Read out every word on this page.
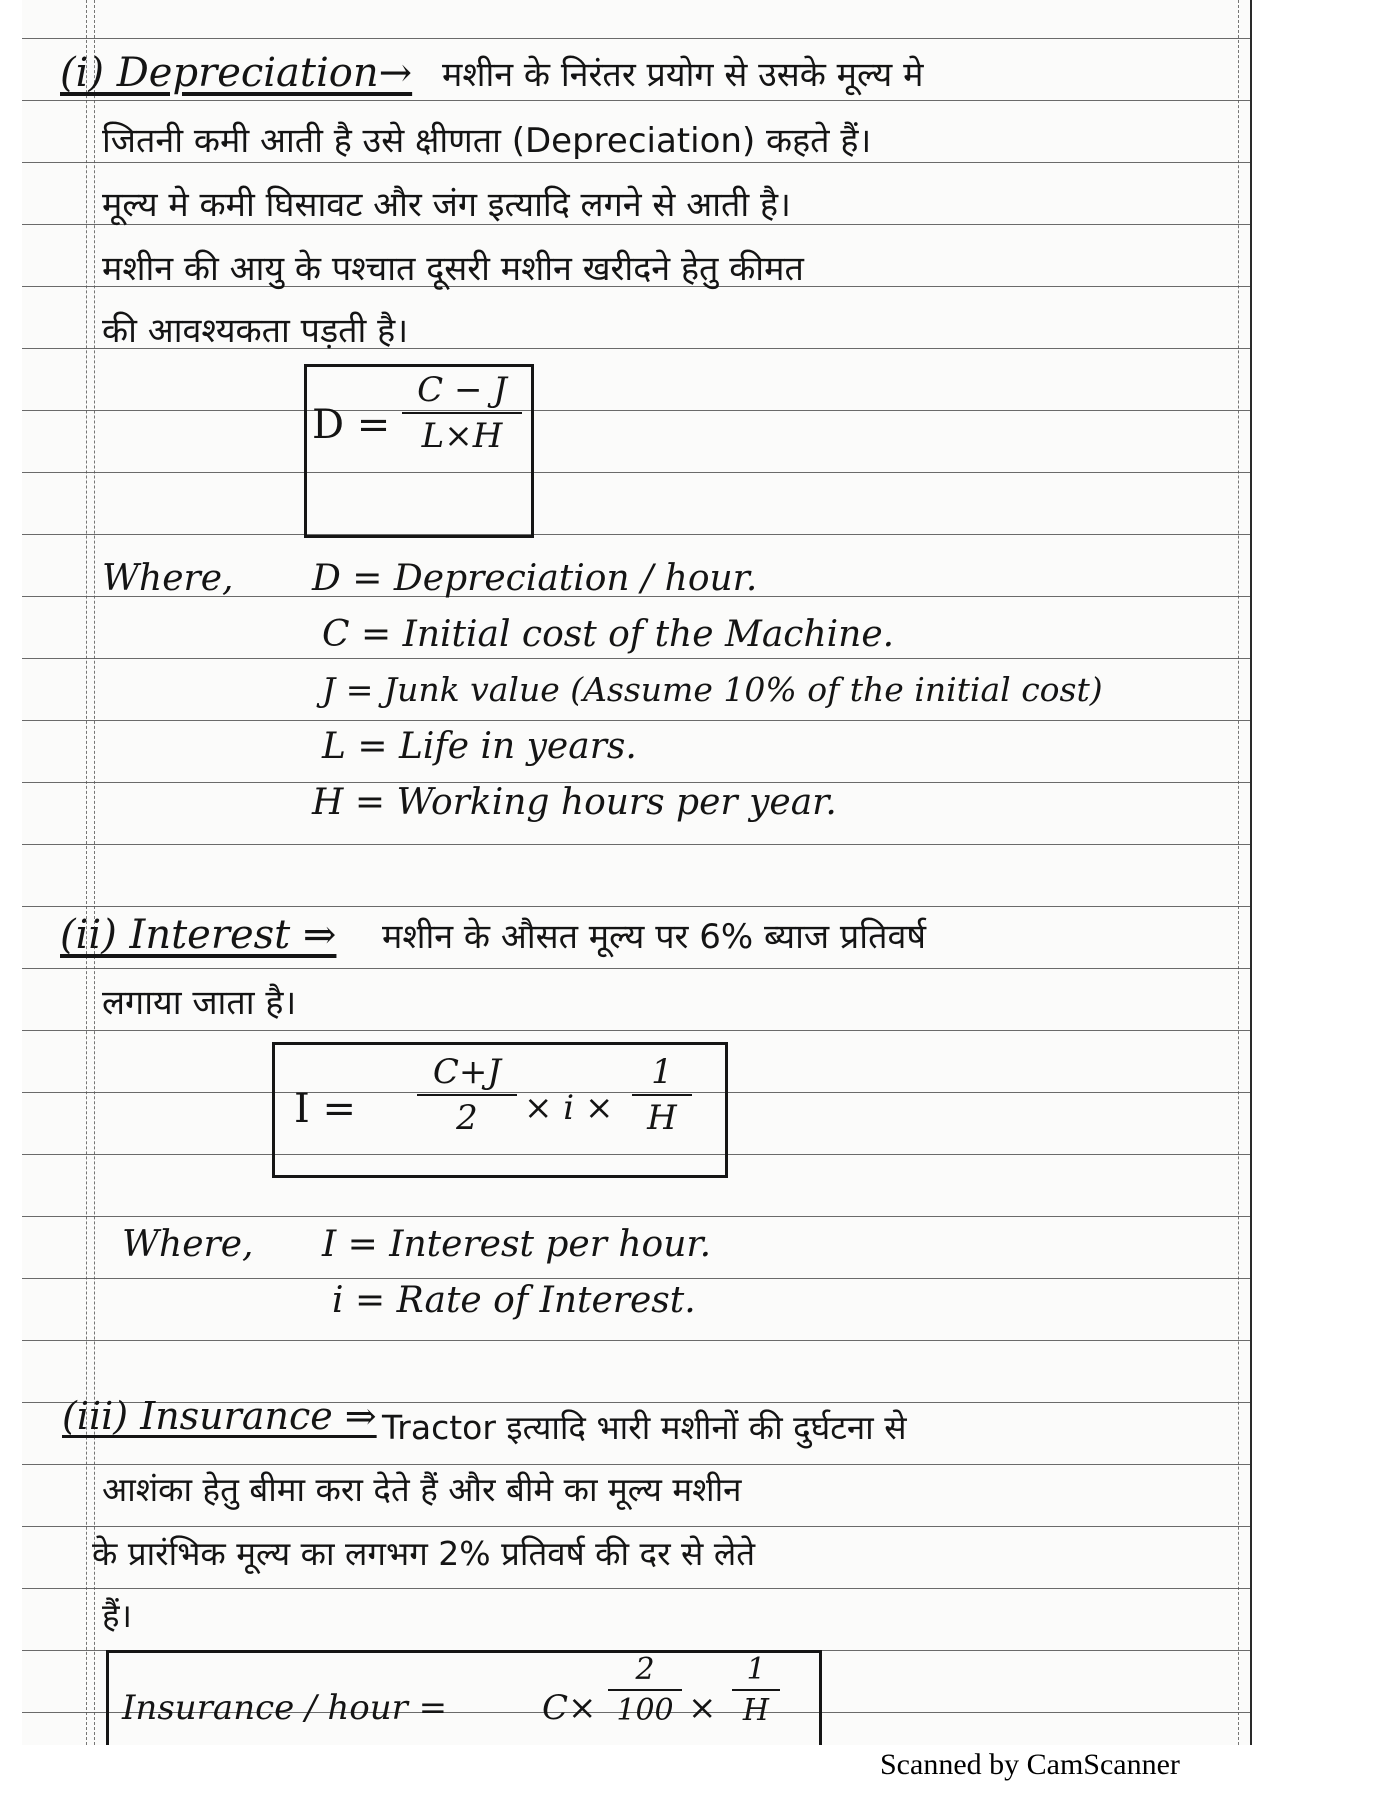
(i) Depreciation→ मशीन के निरंतर प्रयोग से उसके मूल्य मे
जितनी कमी आती है उसे क्षीणता (Depreciation) कहते हैं।
मूल्य मे कमी घिसावट और जंग इत्यादि लगने से आती है।
मशीन की आयु के पश्चात दूसरी मशीन खरीदने हेतु कीमत
की आवश्यकता पड़ती है।
D =
C − J
L×H
Where, D = Depreciation / hour.
C = Initial cost of the Machine.
J = Junk value (Assume 10% of the initial cost)
L = Life in years.
H = Working hours per year.
(ii) Interest ⇒ मशीन के औसत मूल्य पर 6% ब्याज प्रतिवर्ष
लगाया जाता है।
I =
C+J
2	× i ×
1
H
Where, I = Interest per hour.
i = Rate of Interest.
(iii) Insurance ⇒ Tractor इत्यादि भारी मशीनों की दुर्घटना से
आशंका हेतु बीमा करा देते हैं और बीमे का मूल्य मशीन
के प्रारंभिक मूल्य का लगभग 2% प्रतिवर्ष की दर से लेते
हैं।
Insurance / hour =	C×
2
100 ×
1
H
Scanned by CamScanner
